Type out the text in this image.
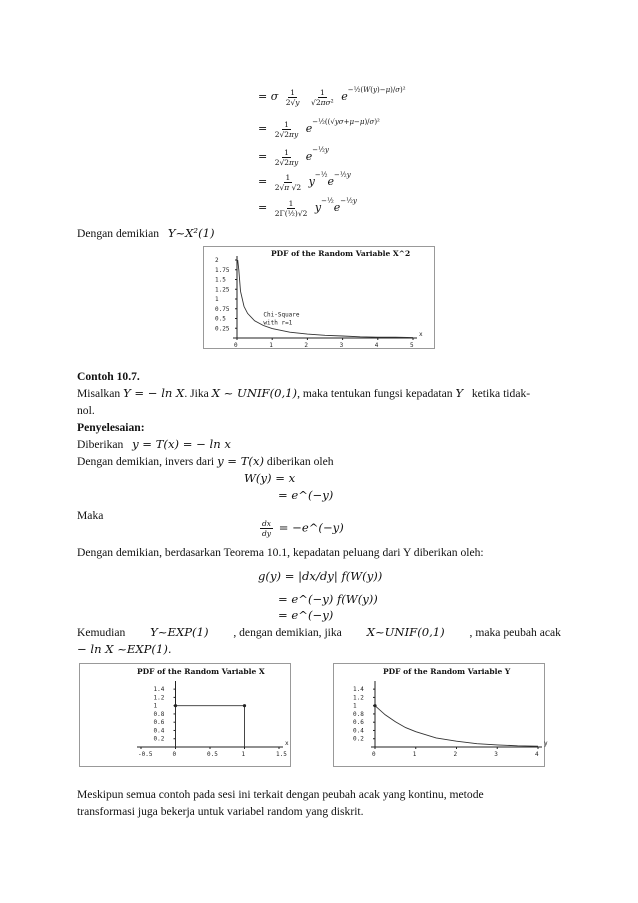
= σ $\frac{1}{2√y}$
$\frac{1}{\text{√2πσ²}} e^{-\frac{1}{2}(W(y)-\mu)/\sigma)^2}$
= $\frac{1}{2√2\pi y} e^{-\frac{1}{2}((√y\sigma+\mu-\mu)/\sigma)^2}$
= $\frac{1}{2√2\pi y} e^{-\frac{1}{2}y}$
= $\frac{1}{2√\pi √2} y^{-\frac{1}{2}}e^{-\frac{1}{2}y}$
= $\frac{1}{\text{2Γ(½)√2}} y^{-\frac{1}{2}}e^{-\frac{1}{2}y}$
Dengan demikian Y~X²(1)
PDF of the Random Variable X^2
x
0	1	2	3	4	5
0.25
0.5
0.75
1
1.25
1.5
1.75
2
Chi-Square
with r=1
Contoh 10.7.
Misalkan Y = − ln X. Jika X ~ UNIF(0,1), maka tentukan fungsi kepadatan Y ketika tidak-
nol.
Penyelesaian:
Diberikan y = T(x) = − ln x
Dengan demikian, invers dari y = T(x) diberikan oleh
W(y) = x
= e^(−y)
Maka
$\frac{dx}{dy}$ = −e^(−y)
Dengan demikian, berdasarkan Teorema 10.1, kepadatan peluang dari Y diberikan oleh:
g(y) = |dx/dy| f(W(y))
= e^(−y) f(W(y))
= e^(−y)
Kemudian Y~EXP(1) , dengan demikian, jika X~UNIF(0,1) , maka peubah acak
− ln X ~EXP(1).
PDF of the Random Variable X
x
-0.5	0	0.5	1	1.5
0.2
0.4
0.6
0.8
1
1.2
1.4
PDF of the Random Variable Y
y
0	1	2	3	4
0.2
0.4
0.6
0.8
1
1.2
1.4
Meskipun semua contoh pada sesi ini terkait dengan peubah acak yang kontinu, metode
transformasi juga bekerja untuk variabel random yang diskrit.
